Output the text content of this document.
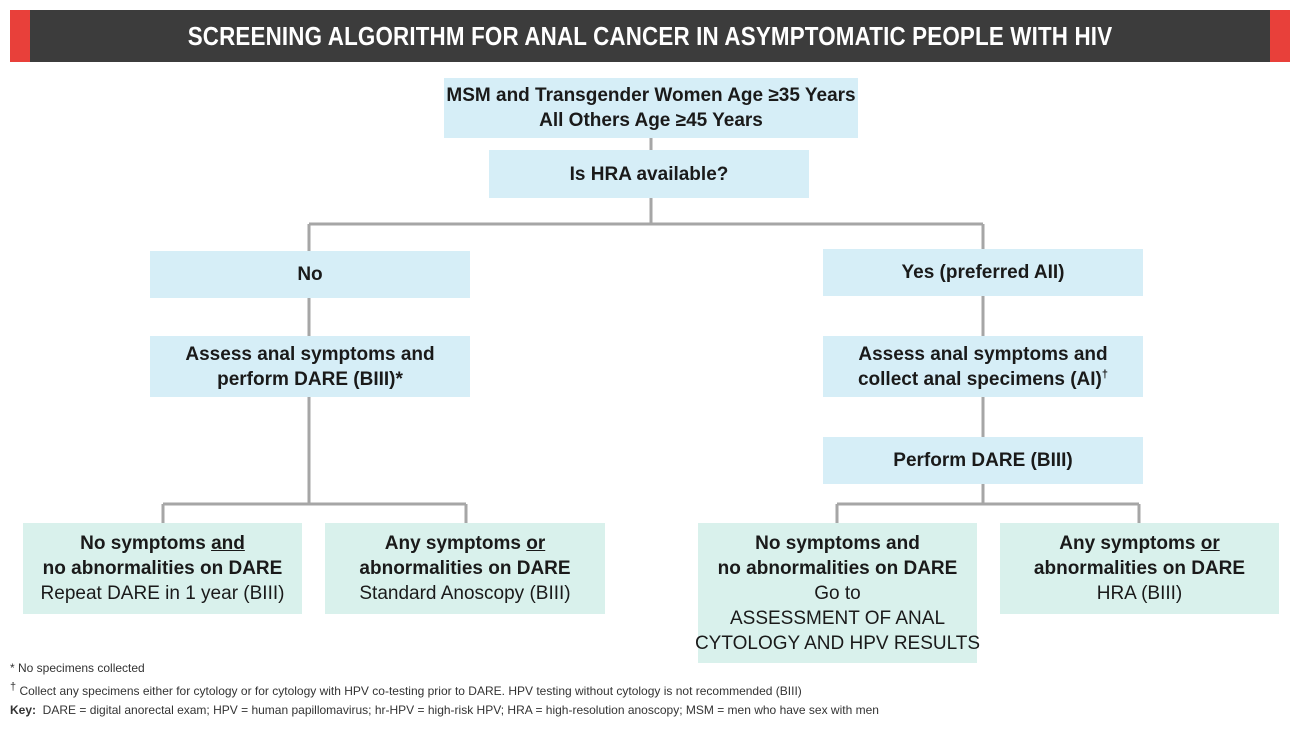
SCREENING ALGORITHM FOR ANAL CANCER IN ASYMPTOMATIC PEOPLE WITH HIV
MSM and Transgender Women Age ≥35 Years
All Others Age ≥45 Years
Is HRA available?
No	Yes (preferred AII)
Assess anal symptoms and
perform DARE (BIII)*
Assess anal symptoms and
collect anal specimens (AI)†
Perform DARE (BIII)
No symptoms and
no abnormalities on DARE
Repeat DARE in 1 year (BIII)
Any symptoms or
abnormalities on DARE
Standard Anoscopy (BIII)
No symptoms and
no abnormalities on DARE
Go to
ASSESSMENT OF ANAL
CYTOLOGY AND HPV RESULTS
Any symptoms or
abnormalities on DARE
HRA (BIII)
* No specimens collected
† Collect any specimens either for cytology or for cytology with HPV co-testing prior to DARE. HPV testing without cytology is not recommended (BIII)
Key:  DARE = digital anorectal exam; HPV = human papillomavirus; hr-HPV = high-risk HPV; HRA = high-resolution anoscopy; MSM = men who have sex with men
